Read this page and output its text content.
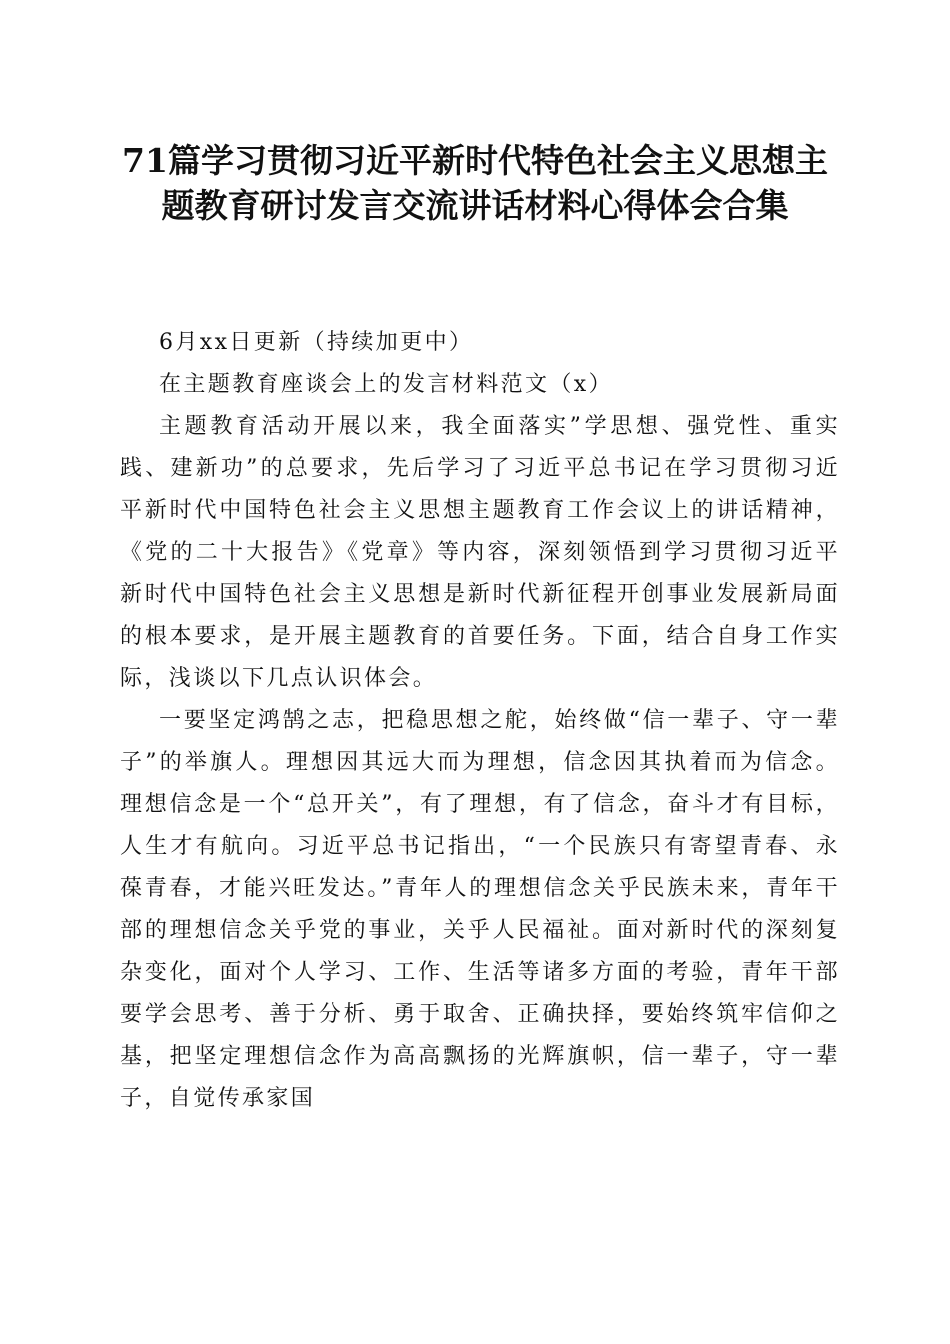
71篇学习贯彻习近平新时代特色社会主义思想主题教育研讨发言交流讲话材料心得体会合集

6月xx日更新（持续加更中）

在主题教育座谈会上的发言材料范文（x）

主题教育活动开展以来，我全面落实”学思想、强党性、重实践、建新功”的总要求，先后学习了习近平总书记在学习贯彻习近平新时代中国特色社会主义思想主题教育工作会议上的讲话精神，《党的二十大报告》《党章》等内容，深刻领悟到学习贯彻习近平新时代中国特色社会主义思想是新时代新征程开创事业发展新局面的根本要求，是开展主题教育的首要任务。下面，结合自身工作实际，浅谈以下几点认识体会。

一要坚定鸿鹄之志，把稳思想之舵，始终做“信一辈子、守一辈子”的举旗人。理想因其远大而为理想，信念因其执着而为信念。理想信念是一个“总开关”，有了理想，有了信念，奋斗才有目标，人生才有航向。习近平总书记指出，“一个民族只有寄望青春、永葆青春，才能兴旺发达。”青年人的理想信念关乎民族未来，青年干部的理想信念关乎党的事业，关乎人民福祉。面对新时代的深刻复杂变化，面对个人学习、工作、生活等诸多方面的考验，青年干部要学会思考、善于分析、勇于取舍、正确抉择，要始终筑牢信仰之基，把坚定理想信念作为高高飘扬的光辉旗帜，信一辈子，守一辈子，自觉传承家国
